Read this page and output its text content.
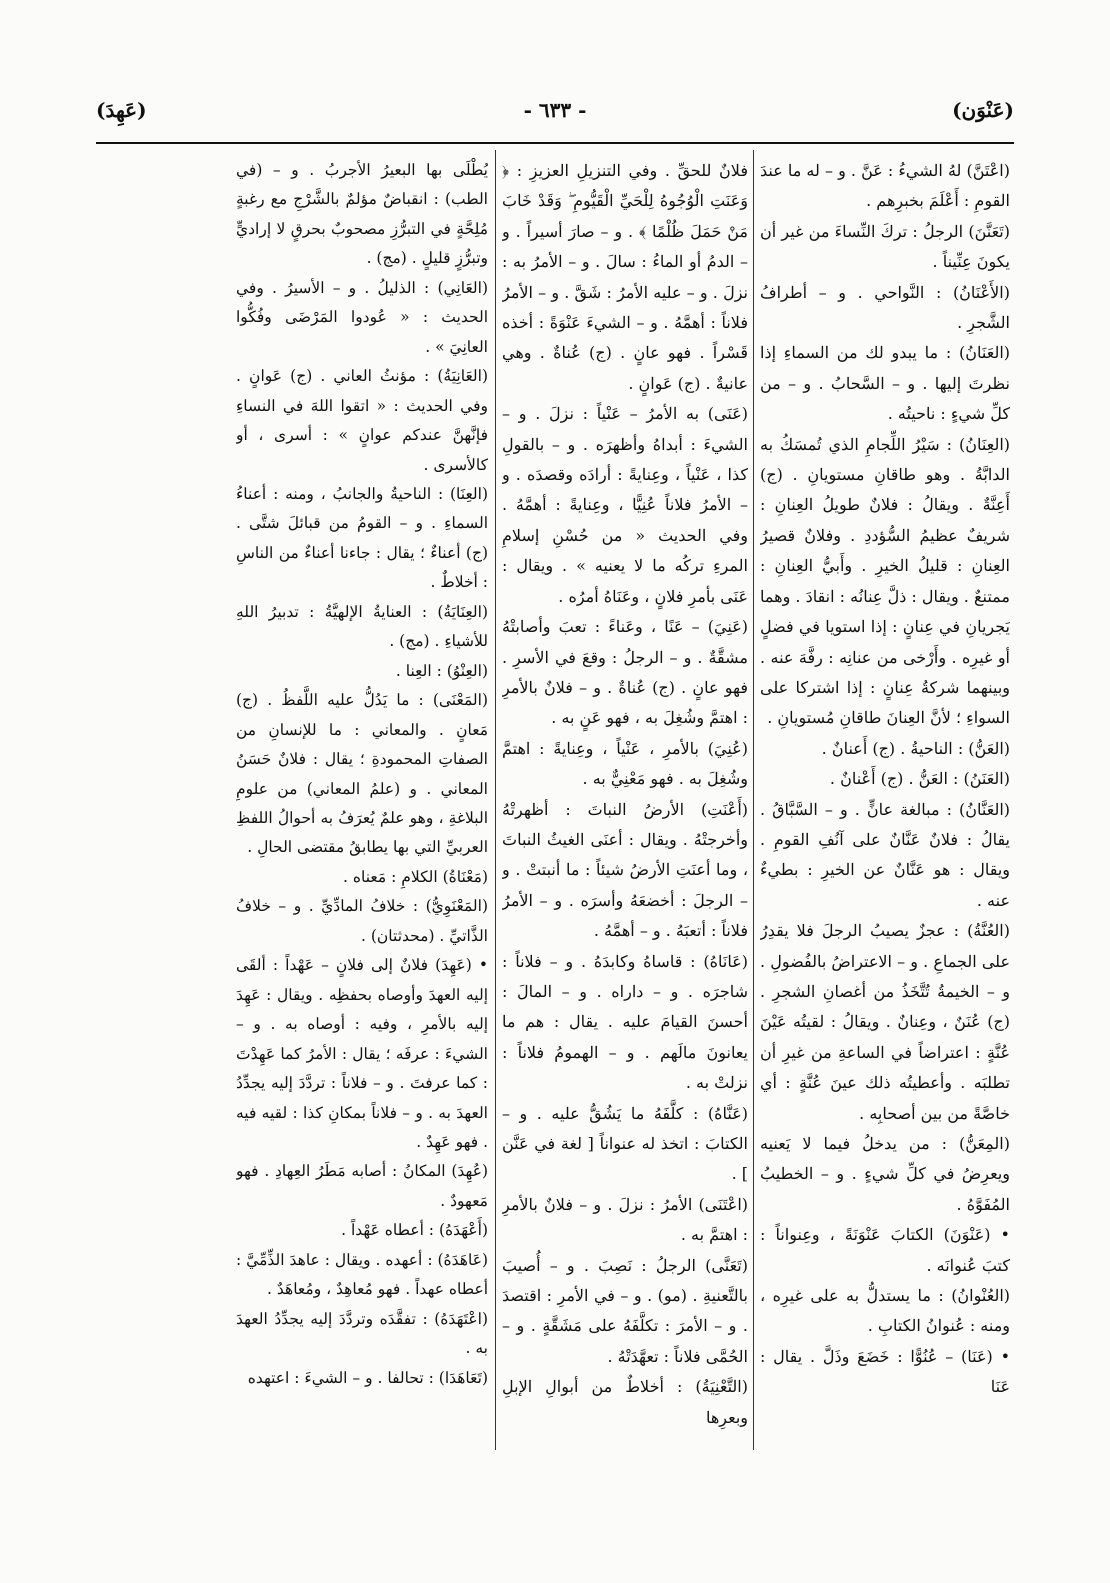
(عَنْوَن)
- ٦٣٣ -
(عَهِدَ)

(اعْتَنَّ) لهُ الشيءُ : عَنَّ . و – له ما عندَ القومِ : أَعْلَمَ بخبرِهم .

(تَعَنَّنَ) الرجلُ : تركَ النِّساءَ من غير أن يكونَ عِنِّيناً .

(الأَعْنَانُ) : النَّواحي . و – أطرافُ الشَّجرِ .

(العَنَانُ) : ما يبدو لك من السماءِ إذا نظرتَ إليها . و – السَّحابُ . و – من كلِّ شيءٍ : ناحيتُه .

(العِنَانُ) : سَيْرُ اللِّجامِ الذي تُمسَكُ به الدابَّةُ . وهو طاقانِ مستويانِ . (ج) أَعِنَّةٌ . ويقالُ : فلانٌ طويلُ العِنانِ : شريفٌ عظيمُ السُّؤددِ . وفلانٌ قصيرُ العِنانِ : قليلُ الخيرِ . وأَبيُّ العِنانِ : ممتنعٌ . ويقال : ذلَّ عِنانُه : انقادَ . وهما يَجريانِ في عِنانٍ : إذا استويا في فضلٍ أو غيرِه . وأَرْخى من عنانِه : رفَّهَ عنه . وبينهما شركةُ عِنانٍ : إذا اشتركا على السواءِ ؛ لأنَّ العِنانَ طاقانِ مُستويانِ .

(العَنُّ) : الناحيةُ . (ج) أَعنانٌ .

(العَنَنُ) : العَنُّ . (ج) أَعْنانٌ .

(العَنَّانُ) : مبالغة عانٍّ . و – السَّبَّاقُ . يقالُ : فلانٌ عَنَّانٌ على آنُفِ القومِ . ويقال : هو عَنَّانٌ عن الخيرِ : بطيءٌ عنه .

(العُنَّةُ) : عجزٌ يصيبُ الرجلَ فلا يقدِرُ على الجماعِ . و – الاعتراضُ بالفُضولِ . و – الخيمةُ تُتَّخَذُ من أغصانِ الشجرِ . (ج) عُنَنٌ ، وعِنانٌ . ويقالُ : لقيتُه عَيْنَ عُنَّةٍ : اعتراضاً في الساعةِ من غيرِ أن تطلبَه . وأعطيتُه ذلك عينَ عُنَّةٍ : أي خاصَّةً من بين أصحابِه .

(المِعَنُّ) : من يدخلُ فيما لا يَعنيه ويعرِضُ في كلِّ شيءٍ . و – الخطيبُ المُفَوَّهُ .

• (عَنْوَنَ) الكتابَ عَنْوَنَةً ، وعِنواناً : كتبَ عُنوانَه .

(العُنْوانُ) : ما يستدلُّ به على غيرِه ، ومنه : عُنوانُ الكتابِ .

• (عَنَا) – عُنُوًّا : خَضَعَ وذَلَّ . يقال : عَنَا

فلانٌ للحقِّ . وفي التنزيلِ العزيزِ : ﴿ وَعَنَتِ الْوُجُوهُ لِلْحَيِّ الْقَيُّومِ ۖ وَقَدْ خَابَ مَنْ حَمَلَ ظُلْمًا ﴾ . و – صارَ أسيراً . و – الدمُ أو الماءُ : سالَ . و – الأمرُ به : نزلَ . و – عليه الأمرُ : شَقَّ . و – الأمرُ فلاناً : أهمَّهُ . و – الشيءَ عَنْوَةً : أخذه قَسْراً . فهو عانٍ . (ج) عُناةٌ . وهي عانيةٌ . (ج) عَوانٍ .

(عَنَى) به الأمرُ – عَنْياً : نزلَ . و – الشيءَ : أبداهُ وأظهرَه . و – بالقولِ كذا ، عَنْياً ، وعِنايةً : أرادَه وقصدَه . و – الأمرُ فلاناً عُنِيًّا ، وعِنايةً : أهمَّهُ . وفي الحديث « من حُسْنِ إسلامِ المرءِ تركُه ما لا يعنيه » . ويقال : عَنَى بأمرِ فلانٍ ، وعَنَاهُ أمرُه .

(عَنِيَ) – عَنًا ، وعَناءً : تعبَ وأصابتْهُ مشقَّةٌ . و – الرجلُ : وقعَ في الأسرِ . فهو عانٍ . (ج) عُناةٌ . و – فلانٌ بالأمرِ : اهتمَّ وشُغِلَ به ، فهو عَنٍ به .

(عُنِيَ) بالأمرِ ، عَنْياً ، وعِنايةً : اهتمَّ وشُغِلَ به . فهو مَعْنِيٌّ به .

(أَعْنَتِ) الأرضُ النباتَ : أظهرتْهُ وأخرجتْهُ . ويقال : أعنَى الغيثُ النباتَ ، وما أعنَتِ الأرضُ شيئاً : ما أنبتتْ . و – الرجلَ : أخضعَهُ وأسرَه . و – الأمرُ فلاناً : أتعبَهُ . و – أهمَّهُ .

(عَانَاهُ) : قاساهُ وكابدَهُ . و – فلاناً : شاجرَه . و – داراه . و – المالَ : أحسنَ القيامَ عليه . يقال : هم ما يعانونَ مالَهم . و – الهمومُ فلاناً : نزلتْ به .

(عَنَّاهُ) : كلَّفَهُ ما يَشُقُّ عليه . و – الكتابَ : اتخذ له عنواناً [ لغة في عَنَّن ] .

(اعْتَنَى) الأمرُ : نزلَ . و – فلانٌ بالأمرِ : اهتمَّ به .

(تَعَنَّى) الرجلُ : نَصِبَ . و – أُصيبَ بالتَّعنيةِ . (مو) . و – في الأمرِ : اقتصدَ . و – الأمرَ : تكلَّفَهُ على مَشَقَّةٍ . و – الحُمَّى فلاناً : تعهَّدَتْهُ .

(التَّعْنِيَةُ) : أخلاطٌ من أبوالِ الإبلِ وبعرِها

يُطْلَى بها البعيرُ الأجربُ . و – (في الطب) : انقباضٌ مؤلمٌ بالشَّرْجِ مع رغبةٍ مُلِحَّةٍ في التبرُّزِ مصحوبٌ بحرقٍ لا إراديٍّ وتبرُّزٍ قليلٍ . (مج) .

(العَانِي) : الذليلُ . و – الأسيرُ . وفي الحديث : « عُودوا المَرْضَى وفُكُّوا العانِيَ » .

(العَانِيَةُ) : مؤنثُ العاني . (ج) عَوانٍ . وفي الحديث : « اتقوا اللهَ في النساءِ فإنَّهنَّ عندكم عوانٍ » : أسرى ، أو كالأسرى .

(العِنَا) : الناحيةُ والجانبُ ، ومنه : أعناءُ السماءِ . و – القومُ من قبائلَ شتَّى . (ج) أعناءٌ ؛ يقال : جاءنا أعناءٌ من الناسِ : أخلاطٌ .

(العِنَايَةُ) : العنايةُ الإلهيَّةُ : تدبيرُ اللهِ للأشياءِ . (مج) .

(العِنْوُ) : العِنا .

(المَعْنَى) : ما يَدُلُّ عليه اللَّفظُ . (ج) مَعانٍ . والمعاني : ما للإنسانِ من الصفاتِ المحمودةِ ؛ يقال : فلانٌ حَسَنُ المعاني . و (علمُ المعاني) من علومِ البلاغةِ ، وهو علمٌ يُعرَفُ به أحوالُ اللفظِ العربيِّ التي بها يطابقُ مقتضى الحالِ .

(مَعْنَاةُ) الكلامِ : مَعناه .

(المَعْنَوِيُّ) : خلافُ المادِّيِّ . و – خلافُ الذَّاتيِّ . (محدثتان) .

• (عَهِدَ) فلانٌ إلى فلانٍ – عَهْداً : ألقَى إليه العهدَ وأوصاه بحفظِه . ويقال : عَهِدَ إليه بالأمرِ ، وفيه : أوصاه به . و – الشيءَ : عرفَه ؛ يقال : الأمرُ كما عَهِدْتَ : كما عرفتَ . و – فلاناً : تردَّدَ إليه يجدِّدُ العهدَ به . و – فلاناً بمكانِ كذا : لقيه فيه . فهو عَهِدٌ .

(عُهِدَ) المكانُ : أصابه مَطَرُ العِهادِ . فهو مَعهودٌ .

(أَعْهَدَهُ) : أعطاه عَهْداً .

(عَاهَدَهُ) : أعهده . ويقال : عاهدَ الذِّمِّيَّ : أعطاه عهداً . فهو مُعاهِدٌ ، ومُعاهَدٌ .

(اعْتَهَدَهُ) : تفقَّدَه وتردَّدَ إليه يجدِّدُ العهدَ به .

(تَعَاهَدَا) : تحالفا . و – الشيءَ : اعتهده
